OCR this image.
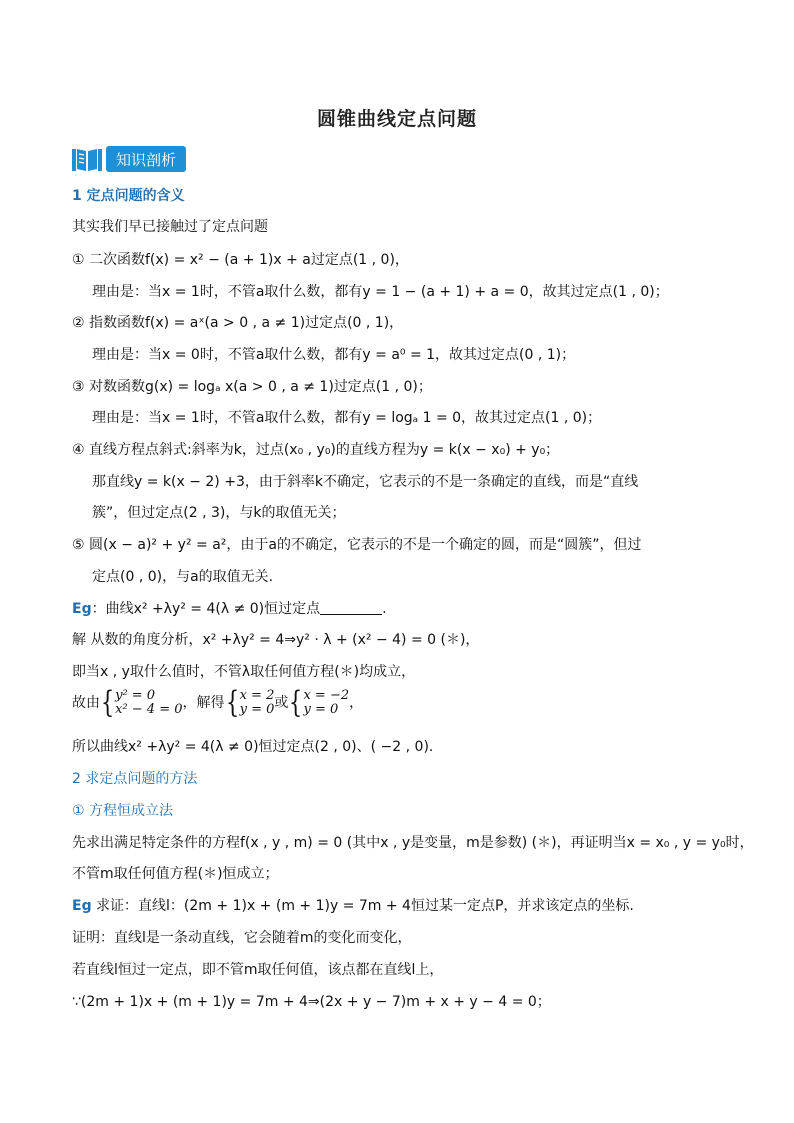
圆锥曲线定点问题
知识剖析
1 定点问题的含义
其实我们早已接触过了定点问题
① 二次函数f(x) = x² − (a + 1)x + a过定点(1 , 0)，
理由是：当x = 1时，不管a取什么数，都有y = 1 − (a + 1) + a = 0，故其过定点(1 , 0)；
② 指数函数f(x) = aˣ(a > 0 , a ≠ 1)过定点(0 , 1)，
理由是：当x = 0时，不管a取什么数，都有y = a⁰ = 1，故其过定点(0 , 1)；
③ 对数函数g(x) = logₐ x(a > 0 , a ≠ 1)过定点(1 , 0)；
理由是：当x = 1时，不管a取什么数，都有y = logₐ 1 = 0，故其过定点(1 , 0)；
④ 直线方程点斜式:斜率为k，过点(x₀ , y₀)的直线方程为y = k(x − x₀) + y₀；
那直线y = k(x − 2) +3，由于斜率k不确定，它表示的不是一条确定的直线，而是“直线
簇”，但过定点(2 , 3)，与k的取值无关；
⑤ 圆(x − a)² + y² = a²，由于a的不确定，它表示的不是一个确定的圆，而是“圆簇”，但过
定点(0 , 0)，与a的取值无关.
Eg：曲线x² +λy² = 4(λ ≠ 0)恒过定点	.
解 从数的角度分析，x² +λy² = 4⇒y² · λ + (x² − 4) = 0 (＊)，
即当x , y取什么值时，不管λ取任何值方程(＊)均成立，
故由{ y² = 0
x² − 4 = 0 ，解得{ x = 2
y = 0 或{ x = −2
y = 0 ，
所以曲线x² +λy² = 4(λ ≠ 0)恒过定点(2 , 0)、( −2 , 0).
2 求定点问题的方法
① 方程恒成立法
先求出满足特定条件的方程f(x , y , m) = 0 (其中x , y是变量，m是参数) (＊)，再证明当x = x₀ , y = y₀时，
不管m取任何值方程(＊)恒成立；
Eg 求证：直线l：(2m + 1)x + (m + 1)y = 7m + 4恒过某一定点P，并求该定点的坐标.
证明：直线l是一条动直线，它会随着m的变化而变化，
若直线l恒过一定点，即不管m取任何值，该点都在直线l上，
∵(2m + 1)x + (m + 1)y = 7m + 4⇒(2x + y − 7)m + x + y − 4 = 0；
